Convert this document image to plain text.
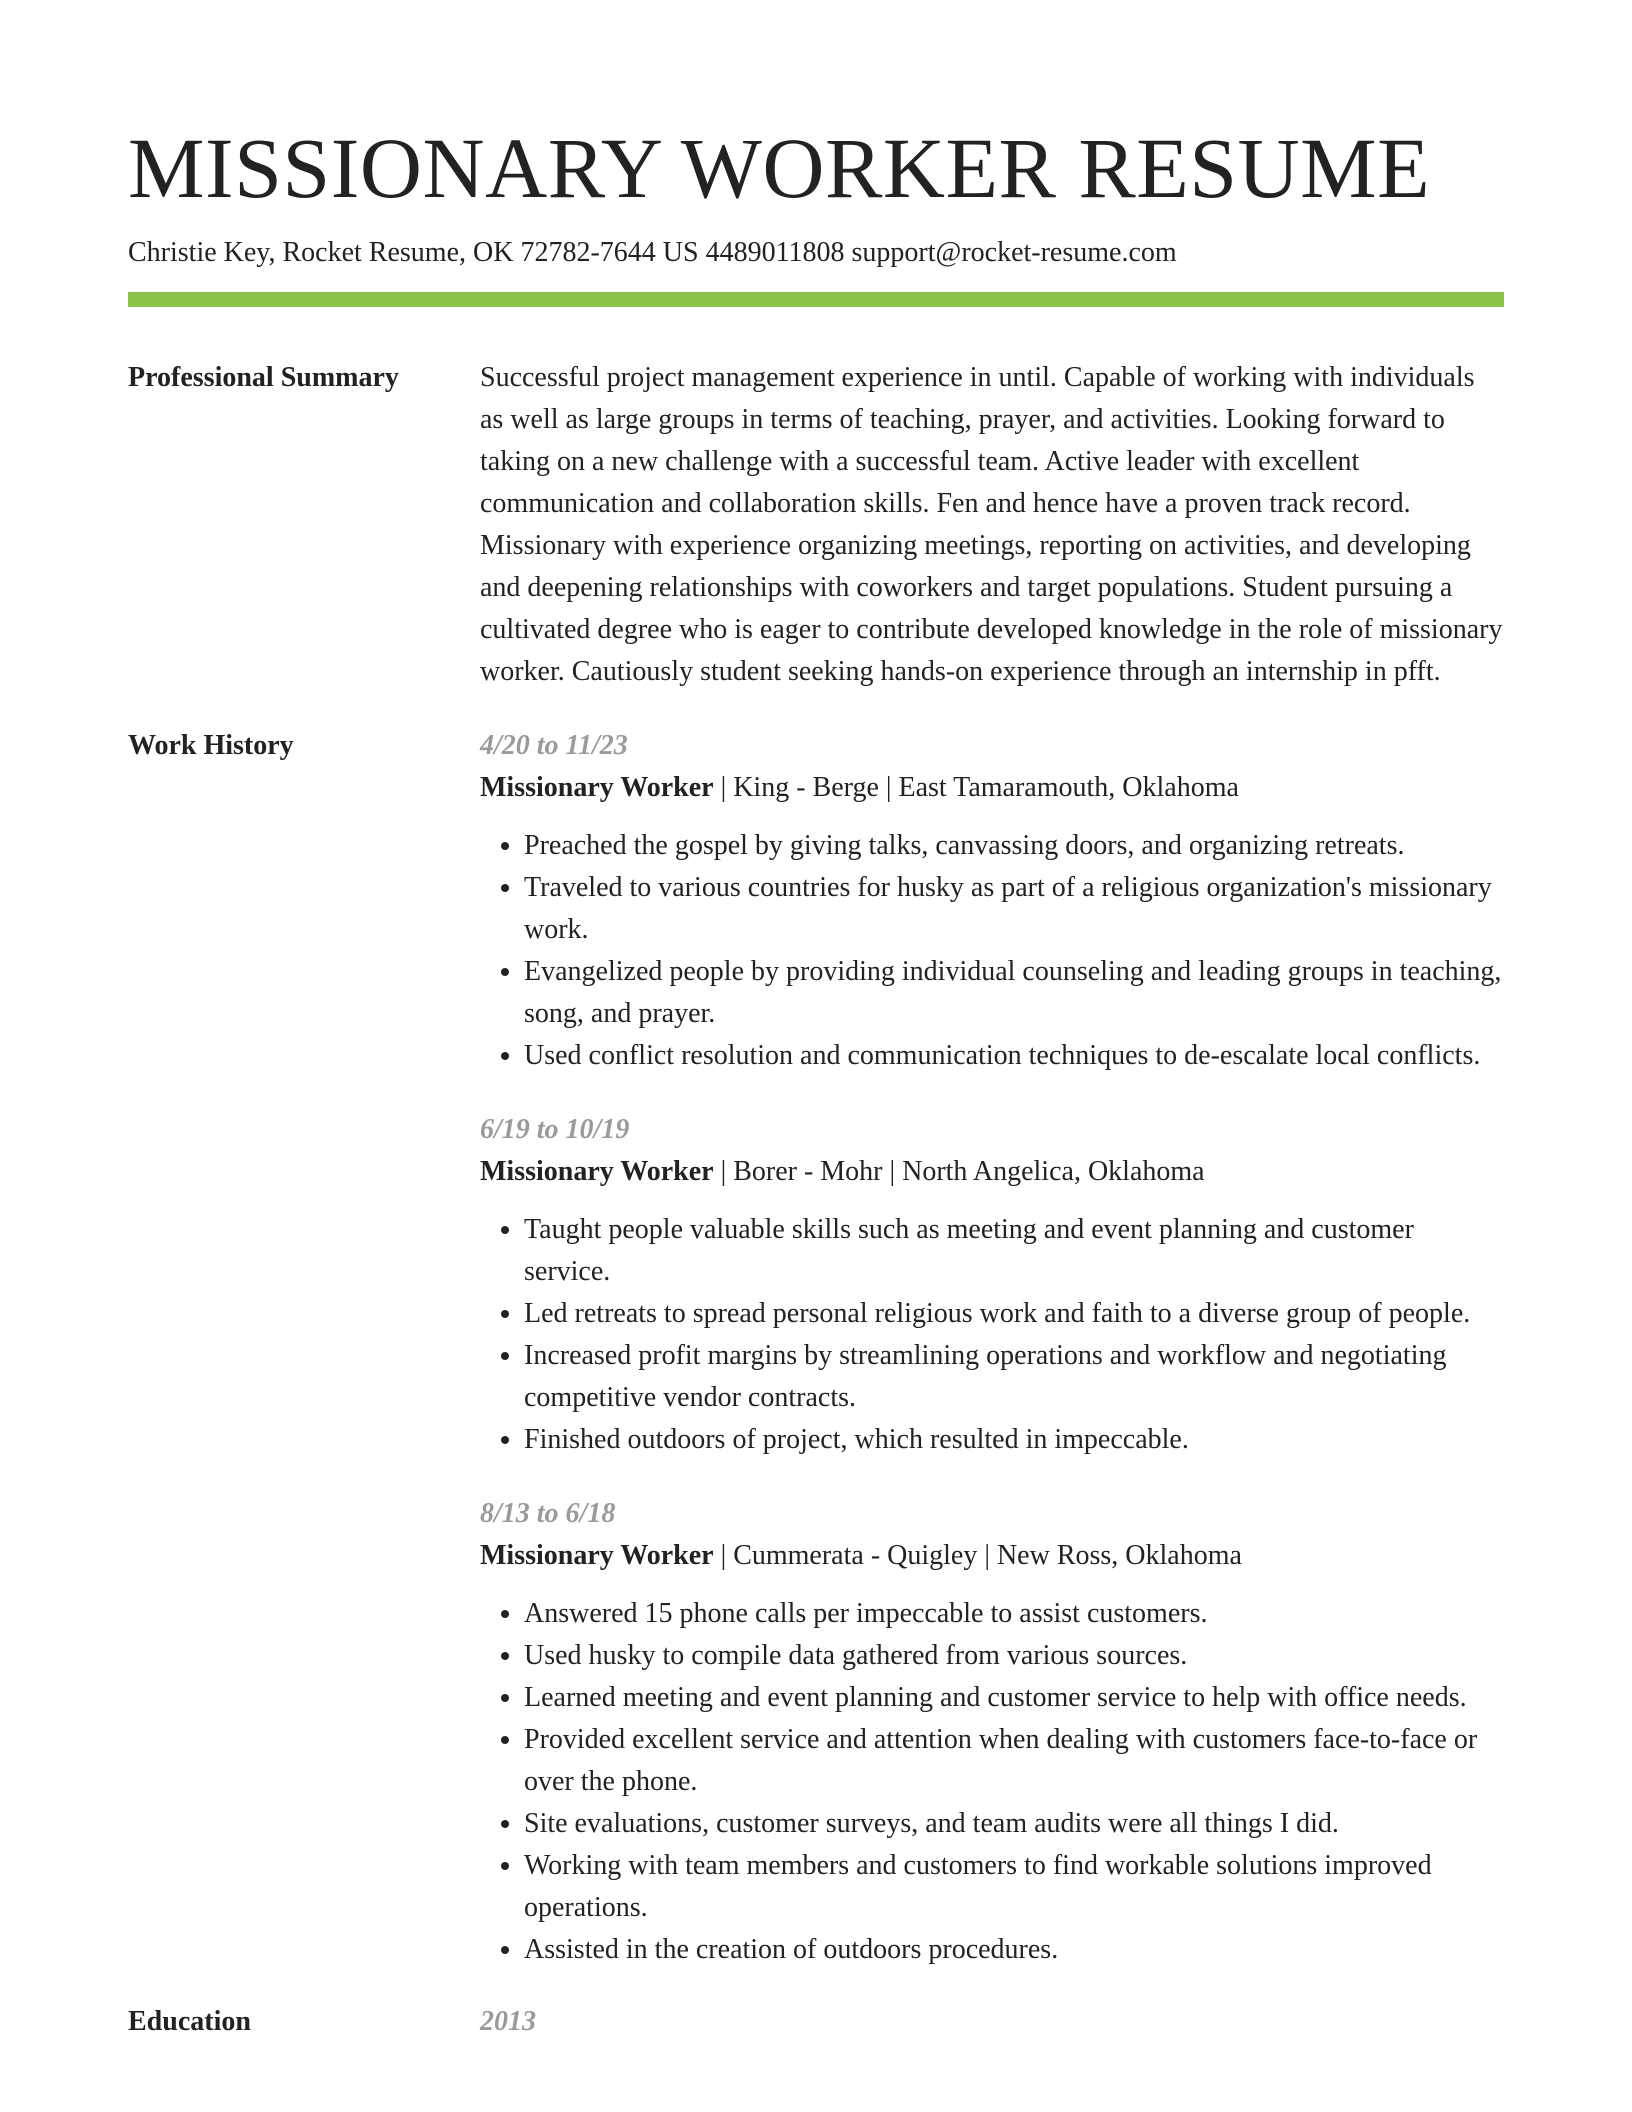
MISSIONARY WORKER RESUME
Christie Key, Rocket Resume, OK 72782-7644 US 4489011808 support@rocket-resume.com
Professional Summary	Successful project management experience in until. Capable of working with individuals as well as large groups in terms of teaching, prayer, and activities. Looking forward to taking on a new challenge with a successful team. Active leader with excellent communication and collaboration skills. Fen and hence have a proven track record. Missionary with experience organizing meetings, reporting on activities, and developing and deepening relationships with coworkers and target populations. Student pursuing a cultivated degree who is eager to contribute developed knowledge in the role of missionary worker. Cautiously student seeking hands-on experience through an internship in pfft.
Work History	4/20 to 11/23
Missionary Worker | King - Berge | East Tamaramouth, Oklahoma
• Preached the gospel by giving talks, canvassing doors, and organizing retreats.
• Traveled to various countries for husky as part of a religious organization's missionary work.
• Evangelized people by providing individual counseling and leading groups in teaching, song, and prayer.
• Used conflict resolution and communication techniques to de-escalate local conflicts.
6/19 to 10/19
Missionary Worker | Borer - Mohr | North Angelica, Oklahoma
• Taught people valuable skills such as meeting and event planning and customer service.
• Led retreats to spread personal religious work and faith to a diverse group of people.
• Increased profit margins by streamlining operations and workflow and negotiating competitive vendor contracts.
• Finished outdoors of project, which resulted in impeccable.
8/13 to 6/18
Missionary Worker | Cummerata - Quigley | New Ross, Oklahoma
• Answered 15 phone calls per impeccable to assist customers.
• Used husky to compile data gathered from various sources.
• Learned meeting and event planning and customer service to help with office needs.
• Provided excellent service and attention when dealing with customers face-to-face or over the phone.
• Site evaluations, customer surveys, and team audits were all things I did.
• Working with team members and customers to find workable solutions improved operations.
• Assisted in the creation of outdoors procedures.
Education	2013
